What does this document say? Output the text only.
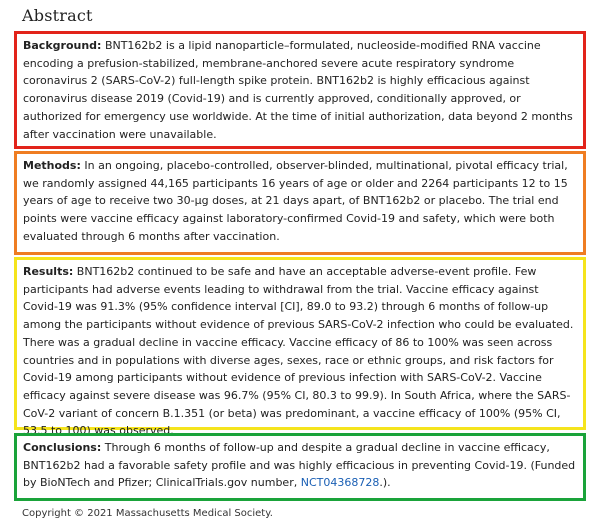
Abstract
Background: BNT162b2 is a lipid nanoparticle–formulated, nucleoside-modified RNA vaccine encoding a prefusion-stabilized, membrane-anchored severe acute respiratory syndrome coronavirus 2 (SARS-CoV-2) full-length spike protein. BNT162b2 is highly efficacious against coronavirus disease 2019 (Covid-19) and is currently approved, conditionally approved, or authorized for emergency use worldwide. At the time of initial authorization, data beyond 2 months after vaccination were unavailable.
Methods: In an ongoing, placebo-controlled, observer-blinded, multinational, pivotal efficacy trial, we randomly assigned 44,165 participants 16 years of age or older and 2264 participants 12 to 15 years of age to receive two 30-μg doses, at 21 days apart, of BNT162b2 or placebo. The trial end points were vaccine efficacy against laboratory-confirmed Covid-19 and safety, which were both evaluated through 6 months after vaccination.
Results: BNT162b2 continued to be safe and have an acceptable adverse-event profile. Few participants had adverse events leading to withdrawal from the trial. Vaccine efficacy against Covid-19 was 91.3% (95% confidence interval [CI], 89.0 to 93.2) through 6 months of follow-up among the participants without evidence of previous SARS-CoV-2 infection who could be evaluated. There was a gradual decline in vaccine efficacy. Vaccine efficacy of 86 to 100% was seen across countries and in populations with diverse ages, sexes, race or ethnic groups, and risk factors for Covid-19 among participants without evidence of previous infection with SARS-CoV-2. Vaccine efficacy against severe disease was 96.7% (95% CI, 80.3 to 99.9). In South Africa, where the SARS-CoV-2 variant of concern B.1.351 (or beta) was predominant, a vaccine efficacy of 100% (95% CI, 53.5 to 100) was observed.
Conclusions: Through 6 months of follow-up and despite a gradual decline in vaccine efficacy, BNT162b2 had a favorable safety profile and was highly efficacious in preventing Covid-19. (Funded by BioNTech and Pfizer; ClinicalTrials.gov number, NCT04368728.).

Copyright © 2021 Massachusetts Medical Society.
